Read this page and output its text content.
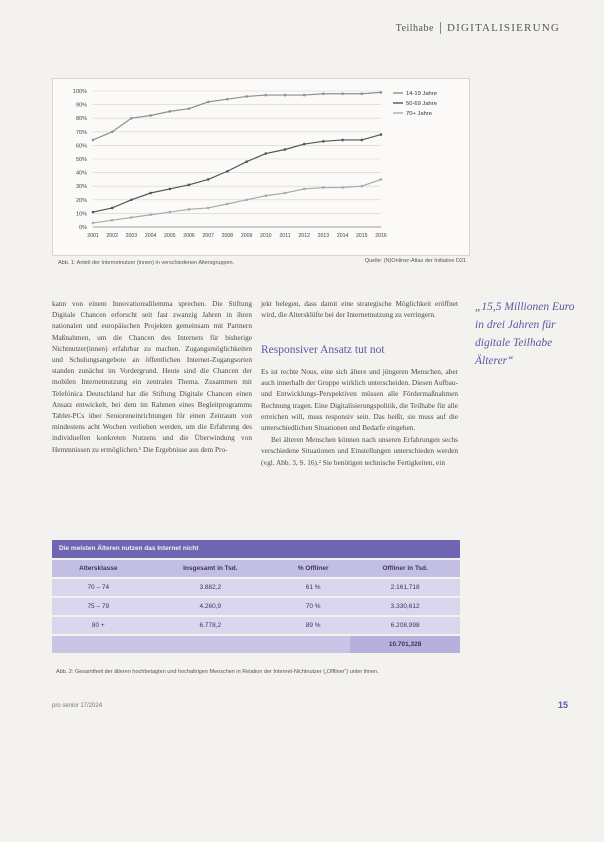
Teilhabe DIGITALISIERUNG
100%
90%
80%
70%
60%
50%
40%
30%
20%
10%
0%
2001 2002 2003 2004 2005 2006 2007 2008 2009 2010 2011 2012 2013 2014 2015 2016
14-19 Jahre
50-69 Jahre
70+ Jahre
Abb. 1: Anteil der Internetnutzer (innen) in verschiedenen Altersgruppen.	Quelle: (N)Onliner-Atlas der Initiative D21

kann von einem Innovationsdilemma sprechen. Die Stiftung Digitale Chancen erforscht seit fast zwanzig Jahren in ihren nationalen und europäischen Projekten gemeinsam mit Partnern Maßnahmen, um die Chancen des Internets für bisherige Nichtnutzer(innen) erfahrbar zu machen. Zugangsmöglichkeiten und Schulungsangebote an öffentlichen Internet-Zugangsorten standen zunächst im Vordergrund. Heute sind die Chancen der mobilen Internetnutzung ein zentrales Thema. Zusammen mit Telefónica Deutschland hat die Stiftung Digitale Chancen einen Ansatz entwickelt, bei dem im Rahmen eines Begleitprogramms Tablet-PCs über Senioreneinrichtungen für einen Zeitraum von mindestens acht Wochen verliehen werden, um die Erfahrung des individuellen konkreten Nutzens und die Überwindung von Hemmnissen zu ermöglichen.¹ Die Ergebnisse aus dem Pro-

jekt belegen, dass damit eine strategische Möglichkeit eröffnet wird, die Altersklüfte bei der Internetnutzung zu verringern.

Responsiver Ansatz tut not

Es ist rechte Nous, eine sich ältere und jüngeren Menschen, aber auch innerhalb der Gruppe wirklich unterscheiden. Diesen Aufbau- und Entwicklungs-Perspektiven müssen alle Fördermaßnahmen Rechnung tragen. Eine Digitalisierungspolitik, die Teilhabe für alle erreichen will, muss responsiv sein. Das heißt, sie muss auf die unterschiedlichen Situationen und Bedarfe eingehen.

Bei älteren Menschen können nach unseren Erfahrungen sechs verschiedene Situationen und Einstellungen unterschieden werden (vgl. Abb. 3, S. 16).² Sie benötigen technische Fertigkeiten, ein

„15,5 Millionen Euro in drei Jahren für digitale Teilhabe Älterer“

Die meisten Älteren nutzen das Internet nicht
Altersklasse	Insgesamt in Tsd.	% Offliner	Offliner in Tsd.
70 – 74	3.882,2	61 %	2.161,718
75 – 79	4.260,9	70 %	3.330,612
80 +	6.778,2	89 %	6.208,998
			10.701,328
Abb. 2: Gesamtheit der älteren hochbetagten und hochaltrigen Menschen in Relation der Internet-Nichtnutzer („Offliner“) unter ihnen.
pro senior 17/2024	15
